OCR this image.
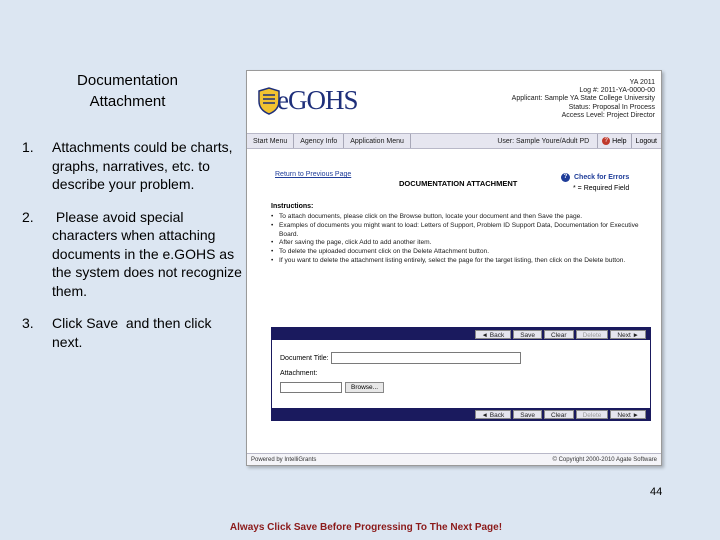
Documentation
Attachment
1.	Attachments could be charts, graphs, narratives, etc. to describe your problem.
2.	Please avoid special characters when attaching documents in the e.GOHS as the system does not recognize them.
3.	Click Save  and then click next.
eGOHS
YA 2011
Log #: 2011-YA-0000-00
Applicant: Sample YA State College University
Status: Proposal In Process
Access Level: Project Director
Start Menu	Agency Info	Application Menu	User: Sample Youre/Adult PD	? Help	Logout
Return to Previous Page
DOCUMENTATION ATTACHMENT
? Check for Errors
* = Required Field
Instructions:
• To attach documents, please click on the Browse button, locate your document and then Save the page.
• Examples of documents you might want to load: Letters of Support, Problem ID Support Data, Documentation for Executive Board.
• After saving the page, click Add to add another item.
• To delete the uploaded document click on the Delete Attachment button.
• If you want to delete the attachment listing entirely, select the page for the target listing, then click on the Delete button.
◄ Back	Save	Clear	Delete	Next ►
Document Title:
Attachment:
Browse...
◄ Back	Save	Clear	Delete	Next ►
Powered by IntelliGrants	© Copyright 2000-2010 Agate Software
44
Always Click Save Before Progressing To The Next Page!
